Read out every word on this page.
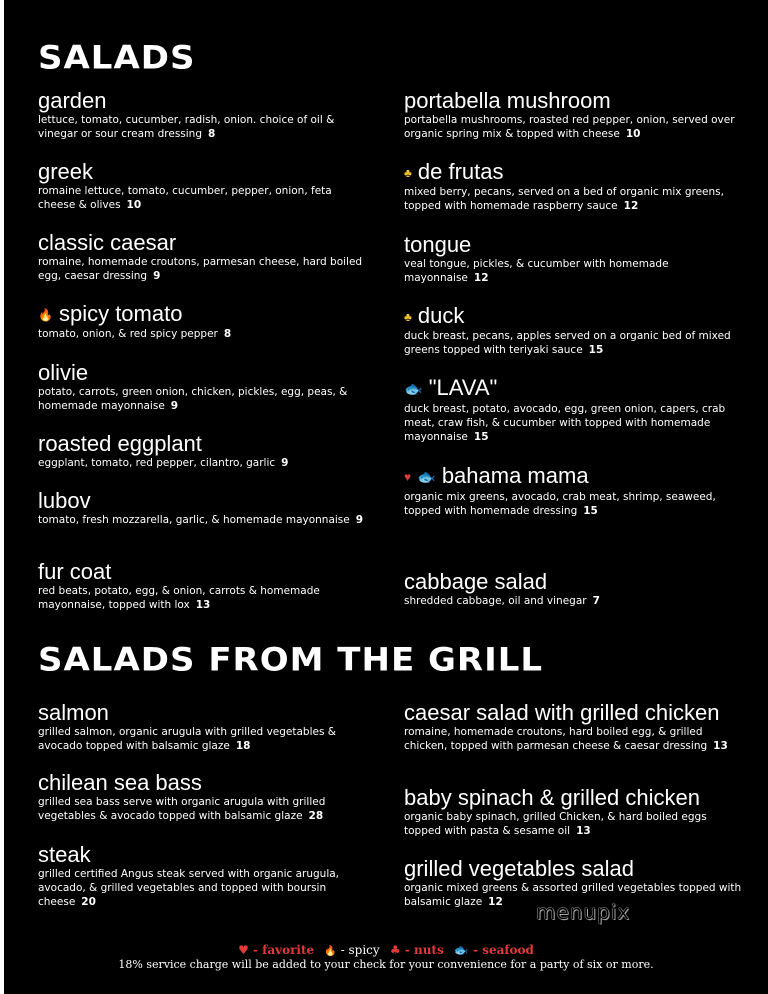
SALADS
garden
lettuce, tomato, cucumber, radish, onion. choice of oil & vinegar or sour cream dressing 8
greek
romaine lettuce, tomato, cucumber, pepper, onion, feta cheese & olives 10
classic caesar
romaine, homemade croutons, parmesan cheese, hard boiled egg, caesar dressing 9
🔥 spicy tomato
tomato, onion, & red spicy pepper 8
olivie
potato, carrots, green onion, chicken, pickles, egg, peas, & homemade mayonnaise 9
roasted eggplant
eggplant, tomato, red pepper, cilantro, garlic 9
lubov
tomato, fresh mozzarella, garlic, & homemade mayonnaise 9
fur coat
red beats, potato, egg, & onion, carrots & homemade mayonnaise, topped with lox 13
portabella mushroom
portabella mushrooms, roasted red pepper, onion, served over organic spring mix & topped with cheese 10
♣ de frutas
mixed berry, pecans, served on a bed of organic mix greens, topped with homemade raspberry sauce 12
tongue
veal tongue, pickles, & cucumber with homemade mayonnaise 12
♣ duck
duck breast, pecans, apples served on a organic bed of mixed greens topped with teriyaki sauce 15
🐟 "LAVA"
duck breast, potato, avocado, egg, green onion, capers, crab meat, craw fish, & cucumber with topped with homemade mayonnaise 15
♥ 🐟 bahama mama
organic mix greens, avocado, crab meat, shrimp, seaweed, topped with homemade dressing 15
cabbage salad
shredded cabbage, oil and vinegar 7
SALADS FROM THE GRILL
salmon
grilled salmon, organic arugula with grilled vegetables & avocado topped with balsamic glaze 18
chilean sea bass
grilled sea bass serve with organic arugula with grilled vegetables & avocado topped with balsamic glaze 28
steak
grilled certified Angus steak served with organic arugula, avocado, & grilled vegetables and topped with boursin cheese 20
caesar salad with grilled chicken
romaine, homemade croutons, hard boiled egg, & grilled chicken, topped with parmesan cheese & caesar dressing 13
baby spinach & grilled chicken
organic baby spinach, grilled Chicken, & hard boiled eggs topped with pasta & sesame oil 13
grilled vegetables salad
organic mixed greens & assorted grilled vegetables topped with balsamic glaze 12	menupix
♥ - favorite 🔥 - spicy ♣ - nuts 🐟 - seafood
18% service charge will be added to your check for your convenience for a party of six or more.
